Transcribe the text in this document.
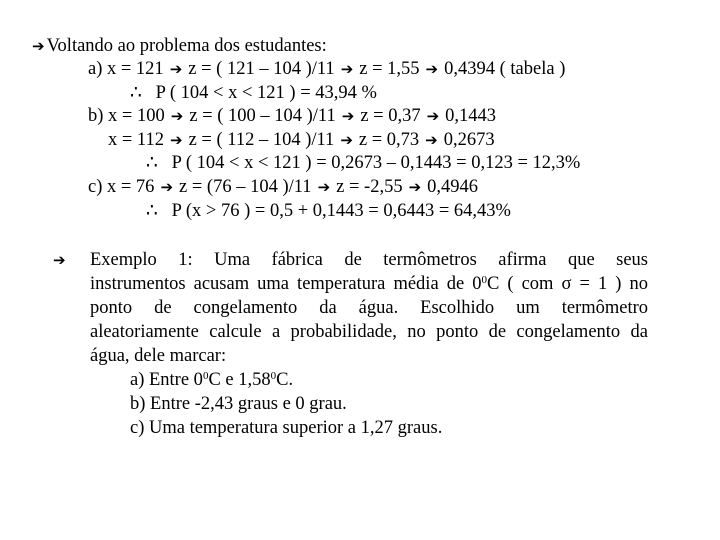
➔ Voltando ao problema dos estudantes:
a) x = 121 ➔ z = ( 121 – 104 )/11 ➔ z = 1,55 ➔ 0,4394 ( tabela )
∴ P ( 104 < x < 121 ) = 43,94 %
b) x = 100 ➔ z = ( 100 – 104 )/11 ➔ z = 0,37 ➔ 0,1443
x = 112 ➔ z = ( 112 – 104 )/11 ➔ z = 0,73 ➔ 0,2673
∴ P ( 104 < x < 121 ) = 0,2673 – 0,1443 = 0,123 = 12,3%
c) x = 76 ➔ z = (76 – 104 )/11 ➔ z = -2,55 ➔ 0,4946
∴ P (x > 76 ) = 0,5 + 0,1443 = 0,6443 = 64,43%
➔ Exemplo 1: Uma fábrica de termômetros afirma que seus
instrumentos acusam uma temperatura média de $0^0C$ ( com σ = 1 ) no
ponto de congelamento da água. Escolhido um termômetro
aleatoriamente calcule a probabilidade, no ponto de congelamento da
água, dele marcar:
a) Entre $0^0C$ e 1,58$^0$C.
b) Entre -2,43 graus e 0 grau.
c) Uma temperatura superior a 1,27 graus.
